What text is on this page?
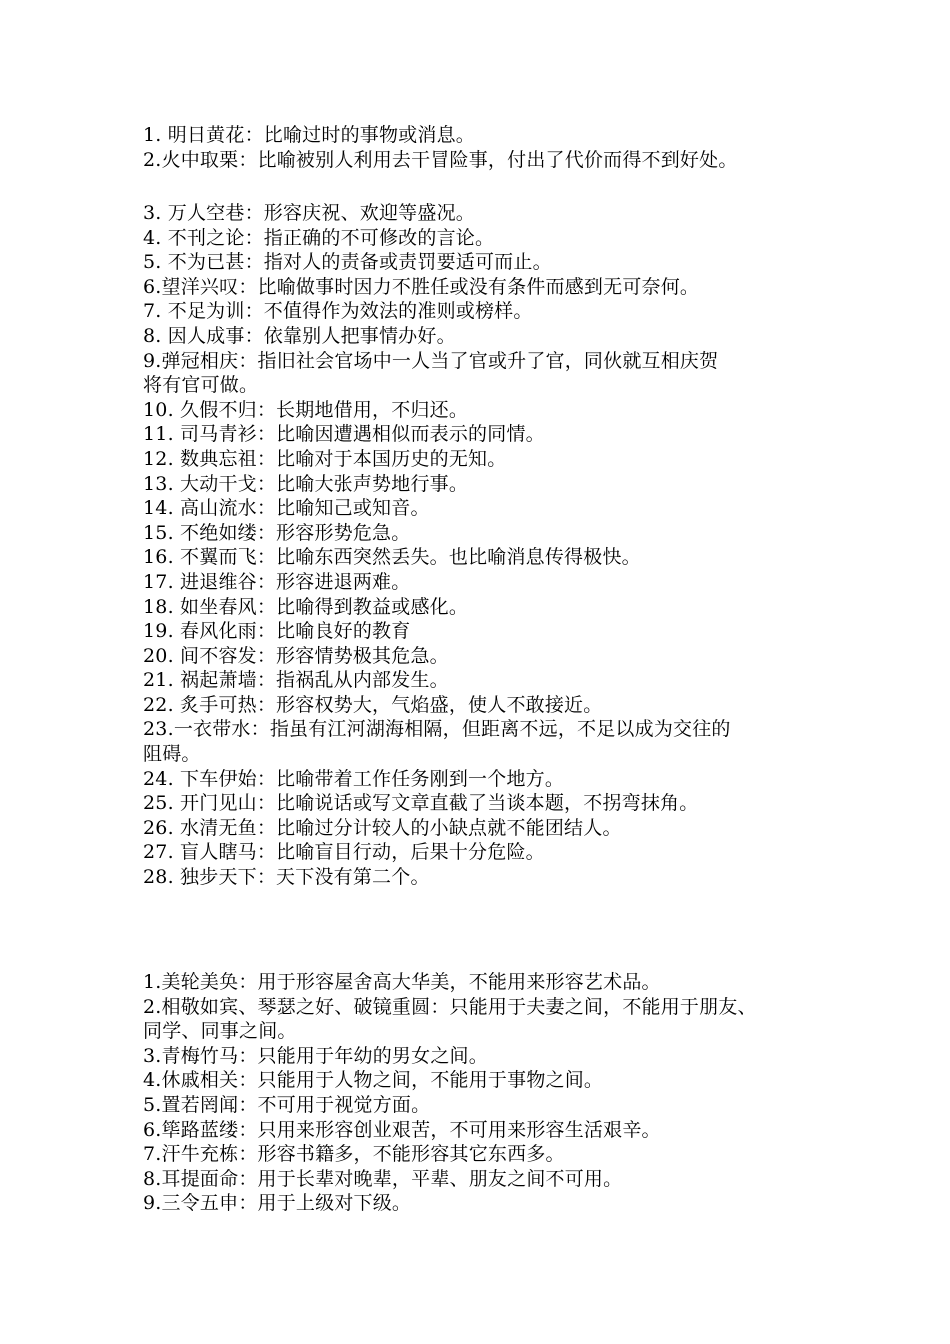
1. 明日黄花：比喻过时的事物或消息。

2.火中取栗：比喻被别人利用去干冒险事，付出了代价而得不到好处。

3. 万人空巷：形容庆祝、欢迎等盛况。

4. 不刊之论：指正确的不可修改的言论。

5. 不为已甚：指对人的责备或责罚要适可而止。

6.望洋兴叹：比喻做事时因力不胜任或没有条件而感到无可奈何。

7. 不足为训：不值得作为效法的准则或榜样。

8. 因人成事：依靠别人把事情办好。

9.弹冠相庆：指旧社会官场中一人当了官或升了官，同伙就互相庆贺

将有官可做。

10. 久假不归：长期地借用，不归还。

11. 司马青衫：比喻因遭遇相似而表示的同情。

12. 数典忘祖：比喻对于本国历史的无知。

13. 大动干戈：比喻大张声势地行事。

14. 高山流水：比喻知己或知音。

15. 不绝如缕：形容形势危急。

16. 不翼而飞：比喻东西突然丢失。也比喻消息传得极快。

17. 进退维谷：形容进退两难。

18. 如坐春风：比喻得到教益或感化。

19. 春风化雨：比喻良好的教育

20. 间不容发：形容情势极其危急。

21. 祸起萧墙：指祸乱从内部发生。

22. 炙手可热：形容权势大，气焰盛，使人不敢接近。

23.一衣带水：指虽有江河湖海相隔，但距离不远，不足以成为交往的

阻碍。

24. 下车伊始：比喻带着工作任务刚到一个地方。

25. 开门见山：比喻说话或写文章直截了当谈本题，不拐弯抹角。

26. 水清无鱼：比喻过分计较人的小缺点就不能团结人。

27. 盲人瞎马：比喻盲目行动，后果十分危险。

28. 独步天下：天下没有第二个。

1.美轮美奂：用于形容屋舍高大华美，不能用来形容艺术品。

2.相敬如宾、琴瑟之好、破镜重圆：只能用于夫妻之间，不能用于朋友、

同学、同事之间。

3.青梅竹马：只能用于年幼的男女之间。

4.休戚相关：只能用于人物之间，不能用于事物之间。

5.置若罔闻：不可用于视觉方面。

6.筚路蓝缕：只用来形容创业艰苦，不可用来形容生活艰辛。

7.汗牛充栋：形容书籍多，不能形容其它东西多。

8.耳提面命：用于长辈对晚辈，平辈、朋友之间不可用。

9.三令五申：用于上级对下级。
